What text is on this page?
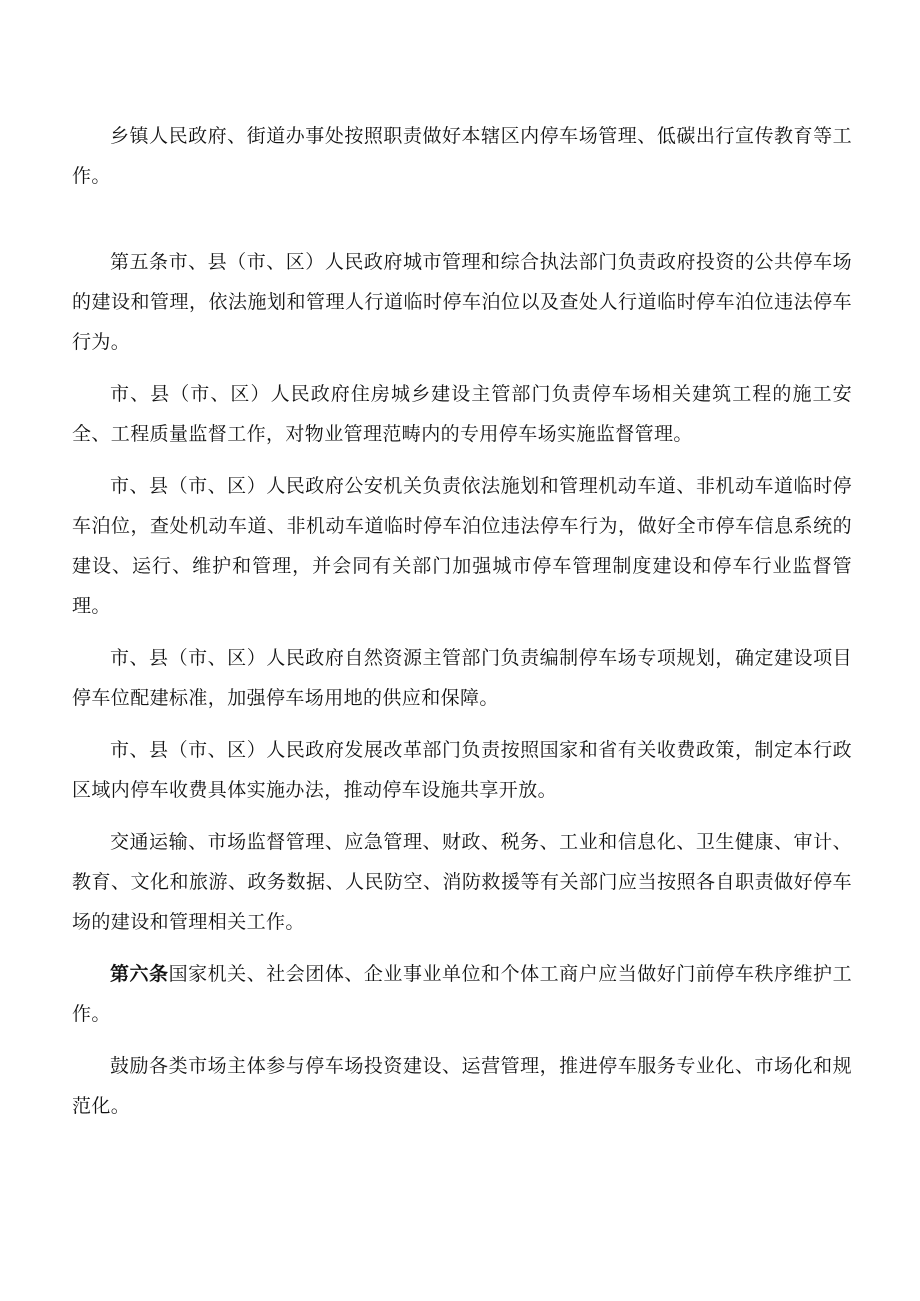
乡镇人民政府、街道办事处按照职责做好本辖区内停车场管理、低碳出行宣传教育等工作。

第五条市、县（市、区）人民政府城市管理和综合执法部门负责政府投资的公共停车场的建设和管理，依法施划和管理人行道临时停车泊位以及查处人行道临时停车泊位违法停车行为。

市、县（市、区）人民政府住房城乡建设主管部门负责停车场相关建筑工程的施工安全、工程质量监督工作，对物业管理范畴内的专用停车场实施监督管理。

市、县（市、区）人民政府公安机关负责依法施划和管理机动车道、非机动车道临时停车泊位，查处机动车道、非机动车道临时停车泊位违法停车行为，做好全市停车信息系统的建设、运行、维护和管理，并会同有关部门加强城市停车管理制度建设和停车行业监督管理。

市、县（市、区）人民政府自然资源主管部门负责编制停车场专项规划，确定建设项目停车位配建标准，加强停车场用地的供应和保障。

市、县（市、区）人民政府发展改革部门负责按照国家和省有关收费政策，制定本行政区域内停车收费具体实施办法，推动停车设施共享开放。

交通运输、市场监督管理、应急管理、财政、税务、工业和信息化、卫生健康、审计、教育、文化和旅游、政务数据、人民防空、消防救援等有关部门应当按照各自职责做好停车场的建设和管理相关工作。

第六条国家机关、社会团体、企业事业单位和个体工商户应当做好门前停车秩序维护工作。

鼓励各类市场主体参与停车场投资建设、运营管理，推进停车服务专业化、市场化和规范化。
